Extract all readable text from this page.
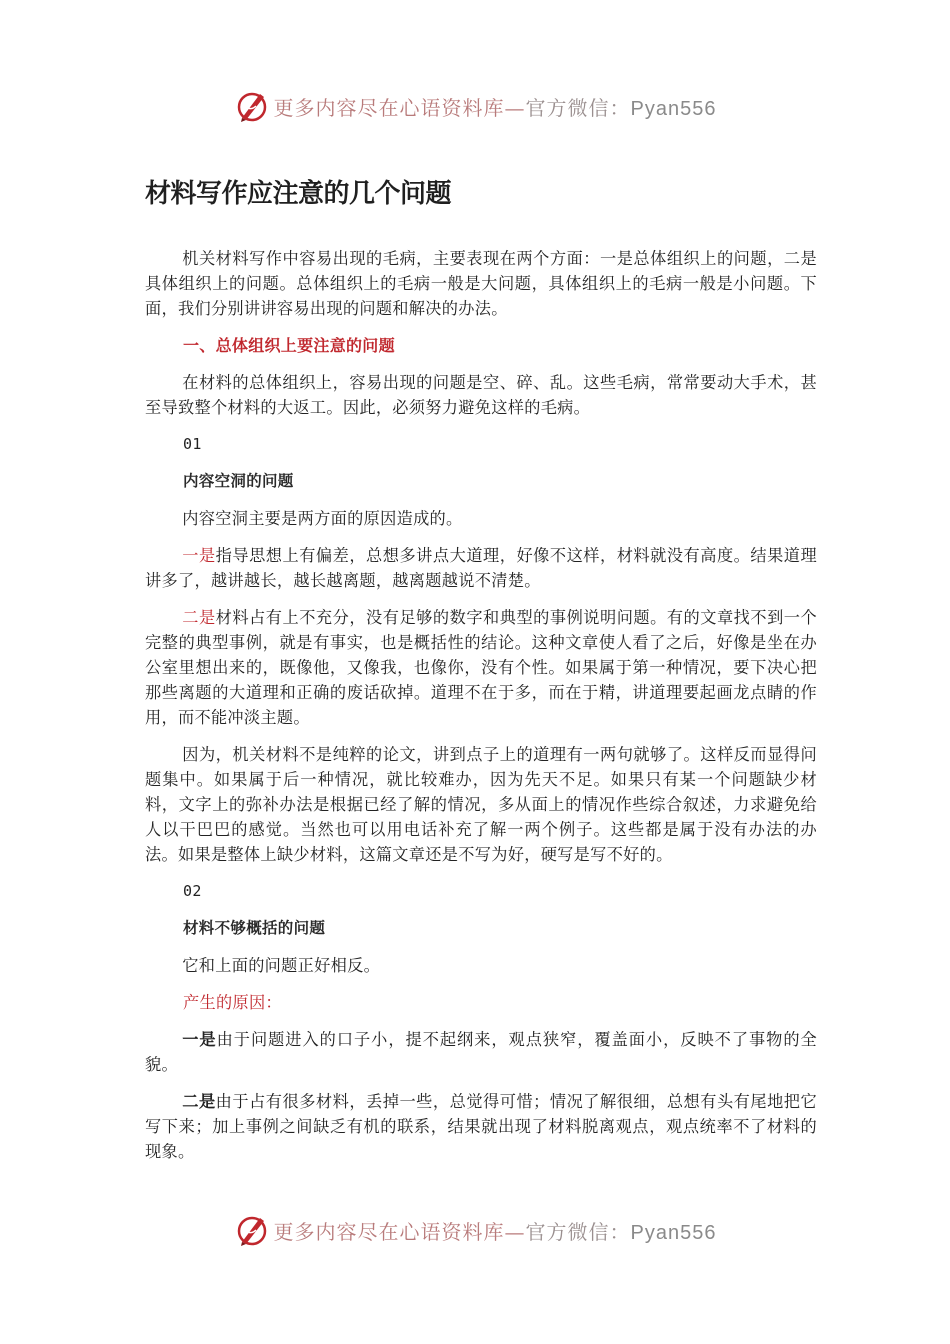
更多内容尽在心语资料库—官方微信：Pyan556
材料写作应注意的几个问题

机关材料写作中容易出现的毛病，主要表现在两个方面：一是总体组织上的问题，二是具体组织上的问题。总体组织上的毛病一般是大问题，具体组织上的毛病一般是小问题。下面，我们分别讲讲容易出现的问题和解决的办法。

一、总体组织上要注意的问题

在材料的总体组织上，容易出现的问题是空、碎、乱。这些毛病，常常要动大手术，甚至导致整个材料的大返工。因此，必须努力避免这样的毛病。

01

内容空洞的问题

内容空洞主要是两方面的原因造成的。

一是指导思想上有偏差，总想多讲点大道理，好像不这样，材料就没有高度。结果道理讲多了，越讲越长，越长越离题，越离题越说不清楚。

二是材料占有上不充分，没有足够的数字和典型的事例说明问题。有的文章找不到一个完整的典型事例，就是有事实，也是概括性的结论。这种文章使人看了之后，好像是坐在办公室里想出来的，既像他，又像我，也像你，没有个性。如果属于第一种情况，要下决心把那些离题的大道理和正确的废话砍掉。道理不在于多，而在于精，讲道理要起画龙点睛的作用，而不能冲淡主题。

因为，机关材料不是纯粹的论文，讲到点子上的道理有一两句就够了。这样反而显得问题集中。如果属于后一种情况，就比较难办，因为先天不足。如果只有某一个问题缺少材料，文字上的弥补办法是根据已经了解的情况，多从面上的情况作些综合叙述，力求避免给人以干巴巴的感觉。当然也可以用电话补充了解一两个例子。这些都是属于没有办法的办法。如果是整体上缺少材料，这篇文章还是不写为好，硬写是写不好的。

02

材料不够概括的问题

它和上面的问题正好相反。

产生的原因：

一是由于问题进入的口子小，提不起纲来，观点狭窄，覆盖面小，反映不了事物的全貌。

二是由于占有很多材料，丢掉一些，总觉得可惜；情况了解很细，总想有头有尾地把它写下来；加上事例之间缺乏有机的联系，结果就出现了材料脱离观点，观点统率不了材料的现象。

更多内容尽在心语资料库—官方微信：Pyan556
